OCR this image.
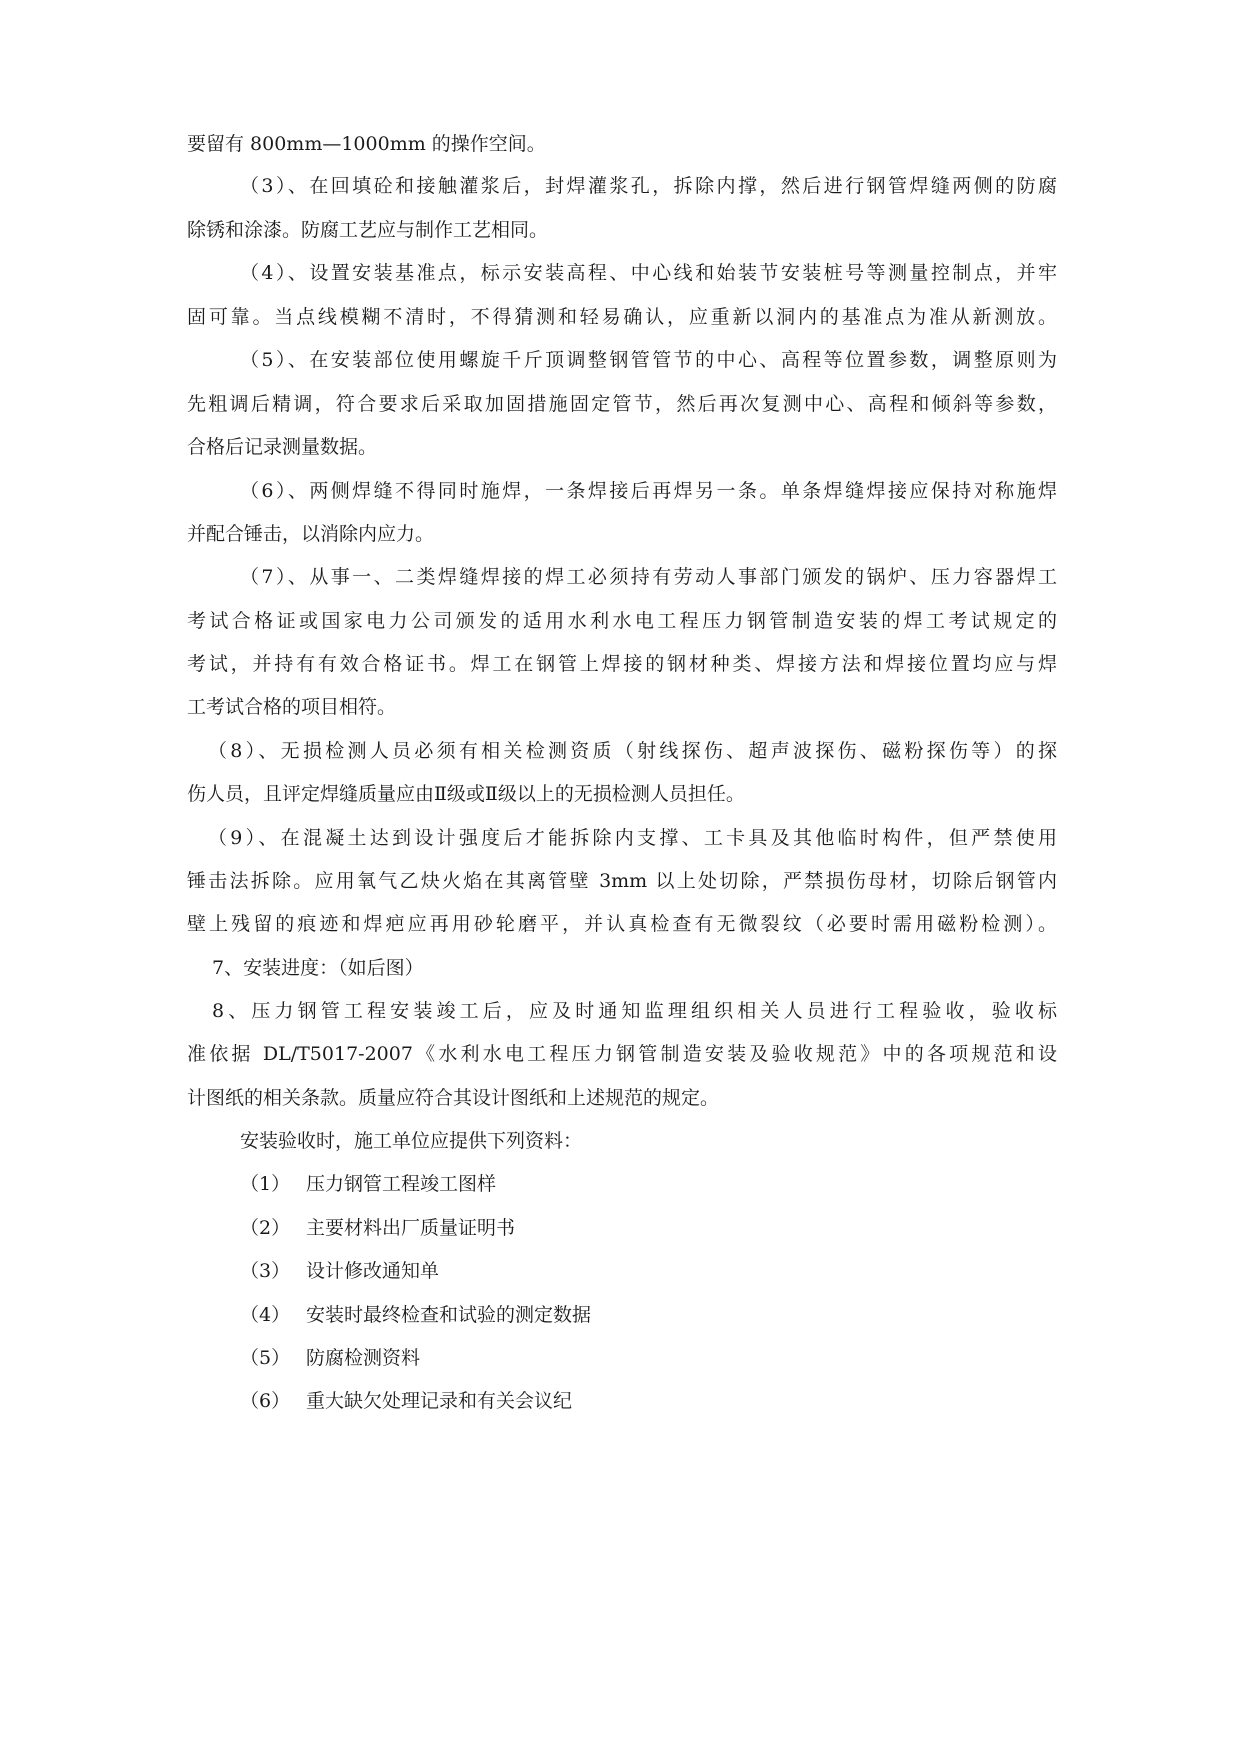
要留有 800mm—1000mm 的操作空间。
（3）、在回填砼和接触灌浆后，封焊灌浆孔，拆除内撑，然后进行钢管焊缝两侧的防腐
除锈和涂漆。防腐工艺应与制作工艺相同。
（4）、设置安装基准点，标示安装高程、中心线和始装节安装桩号等测量控制点，并牢
固可靠。当点线模糊不清时，不得猜测和轻易确认，应重新以洞内的基准点为准从新测放。
（5）、在安装部位使用螺旋千斤顶调整钢管管节的中心、高程等位置参数，调整原则为
先粗调后精调，符合要求后采取加固措施固定管节，然后再次复测中心、高程和倾斜等参数，
合格后记录测量数据。
（6）、两侧焊缝不得同时施焊，一条焊接后再焊另一条。单条焊缝焊接应保持对称施焊
并配合锤击，以消除内应力。
（7）、从事一、二类焊缝焊接的焊工必须持有劳动人事部门颁发的锅炉、压力容器焊工
考试合格证或国家电力公司颁发的适用水利水电工程压力钢管制造安装的焊工考试规定的
考试，并持有有效合格证书。焊工在钢管上焊接的钢材种类、焊接方法和焊接位置均应与焊
工考试合格的项目相符。
（8）、无损检测人员必须有相关检测资质（射线探伤、超声波探伤、磁粉探伤等）的探
伤人员，且评定焊缝质量应由Ⅱ级或Ⅱ级以上的无损检测人员担任。
（9）、在混凝土达到设计强度后才能拆除内支撑、工卡具及其他临时构件，但严禁使用
锤击法拆除。应用氧气乙炔火焰在其离管壁 3mm 以上处切除，严禁损伤母材，切除后钢管内
壁上残留的痕迹和焊疤应再用砂轮磨平，并认真检查有无微裂纹（必要时需用磁粉检测）。
7、安装进度：（如后图）
8、压力钢管工程安装竣工后，应及时通知监理组织相关人员进行工程验收，验收标
准依据 DL/T5017-2007《水利水电工程压力钢管制造安装及验收规范》中的各项规范和设
计图纸的相关条款。质量应符合其设计图纸和上述规范的规定。
安装验收时，施工单位应提供下列资料：
（1） 压力钢管工程竣工图样
（2） 主要材料出厂质量证明书
（3） 设计修改通知单
（4） 安装时最终检查和试验的测定数据
（5） 防腐检测资料
（6） 重大缺欠处理记录和有关会议纪
